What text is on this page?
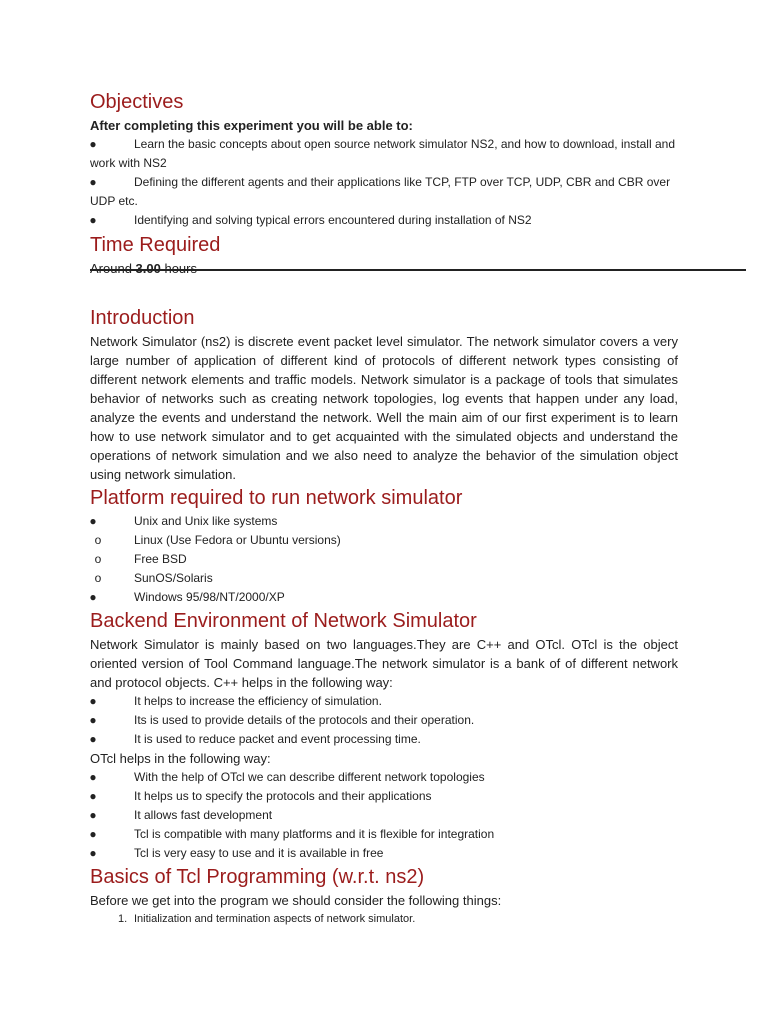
Objectives
After completing this experiment you will be able to:
●	Learn the basic concepts about open source network simulator NS2, and how to download, install and work with NS2
●	Defining the different agents and their applications like TCP, FTP over TCP, UDP, CBR and CBR over UDP etc.
●	Identifying and solving typical errors encountered during installation of NS2
Time Required
Around 3.00 hours
Introduction

Network Simulator (ns2) is discrete event packet level simulator. The network simulator covers a very large number of application of different kind of protocols of different network types consisting of different network elements and traffic models. Network simulator is a package of tools that simulates behavior of networks such as creating network topologies, log events that happen under any load, analyze the events and understand the network. Well the main aim of our first experiment is to learn how to use network simulator and to get acquainted with the simulated objects and understand the operations of network simulation and we also need to analyze the behavior of the simulation object using network simulation.

Platform required to run network simulator
●	Unix and Unix like systems
o	Linux (Use Fedora or Ubuntu versions)
o	Free BSD
o	SunOS/Solaris
●	Windows 95/98/NT/2000/XP
Backend Environment of Network Simulator

Network Simulator is mainly based on two languages.They are C++ and OTcl. OTcl is the object oriented version of Tool Command language.The network simulator is a bank of of different network and protocol objects. C++ helps in the following way:

●	It helps to increase the efficiency of simulation.
●	Its is used to provide details of the protocols and their operation.
●	It is used to reduce packet and event processing time.

OTcl helps in the following way:

●	With the help of OTcl we can describe different network topologies
●	It helps us to specify the protocols and their applications
●	It allows fast development
●	Tcl is compatible with many platforms and it is flexible for integration
●	Tcl is very easy to use and it is available in free
Basics of Tcl Programming (w.r.t. ns2)

Before we get into the program we should consider the following things:

1. Initialization and termination aspects of network simulator.
